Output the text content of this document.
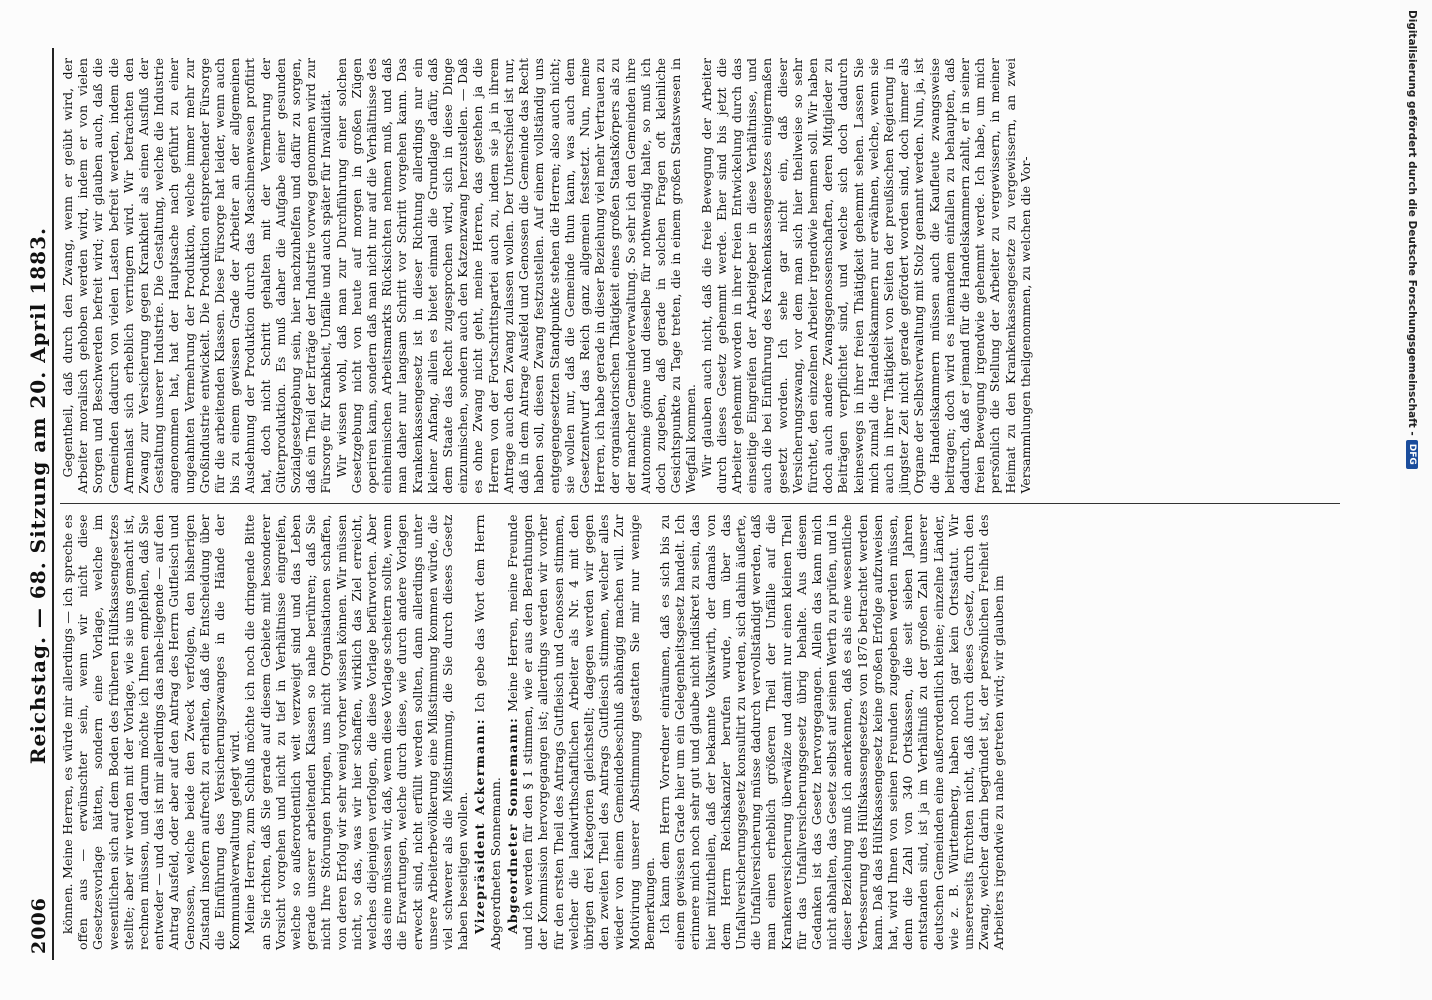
2006
Reichstag. — 68. Sitzung am 20. April 1883. können. Meine Herren, es würde mir allerdings — ich spreche es offen aus — erwünschter sein, wenn wir nicht diese Gesetzesvorlage hätten, sondern eine Vorlage, welche im wesentlichen sich auf dem Boden des früheren Hülfskassengesetzes stellte; aber wir werden mit der Vorlage, wie sie uns gemacht ist, rechnen müssen, und darum möchte ich Ihnen empfehlen, daß Sie entweder — und das ist mir allerdings das nahe-liegende — auf den Antrag Ausfeld, oder aber auf den Antrag des Herrn Gutfleisch und Genossen, welche beide den Zweck verfolgen, den bisherigen Zustand insofern aufrecht zu erhalten, daß die Entscheidung über die Einführung des Versicherungszwanges in die Hände der Kommunalverwaltung gelegt wird. Meine Herren, zum Schluß möchte ich noch die dringende Bitte an Sie richten, daß Sie gerade auf diesem Gebiete mit besonderer Vorsicht vorgehen und nicht zu tief in Verhältnisse eingreifen, welche so außerordentlich weit verzweigt sind und das Leben gerade unserer arbeitenden Klassen so nahe berühren; daß Sie nicht Ihre Störungen bringen, uns nicht Organisationen schaffen, von deren Erfolg wir sehr wenig vorher wissen können. Wir müssen nicht, so das, was wir hier schaffen, wirklich das Ziel erreicht, welches diejenigen verfolgen, die diese Vorlage befürworten. Aber das eine müssen wir, daß, wenn diese Vorlage scheitern sollte, wenn die Erwartungen, welche durch diese, wie durch andere Vorlagen erweckt sind, nicht erfüllt werden sollten, dann allerdings unter unsere Arbeiterbevölkerung eine Mißstimmung kommen würde, die viel schwerer als die Mißstimmung, die Sie durch dieses Gesetz haben beseitigen wollen. Vizepräsident Ackermann: Ich gebe das Wort dem Herrn Abgeordneten Sonnemann. Abgeordneter Sonnemann: Meine Herren, meine Freunde und ich werden für den § 1 stimmen, wie er aus den Berathungen der Kommission hervorgegangen ist; allerdings werden wir vorher für den ersten Theil des Antrags Gutfleisch und Genossen stimmen, welcher die landwirthschaftlichen Arbeiter als Nr. 4 mit den übrigen drei Kategorien gleichstellt; dagegen werden wir gegen den zweiten Theil des Antrags Gutfleisch stimmen, welcher alles wieder von einem Gemeindebeschluß abhängig machen will. Zur Motivirung unserer Abstimmung gestatten Sie mir nur wenige Bemerkungen. Ich kann dem Herrn Vorredner einräumen, daß es sich bis zu einem gewissen Grade hier um ein Gelegenheitsgesetz handelt. Ich erinnere mich noch sehr gut und glaube nicht indiskret zu sein, das hier mitzutheilen, daß der bekannte Volkswirth, der damals von dem Herrn Reichskanzler berufen wurde, um über das Unfallversicherungsgesetz konsultirt zu werden, sich dahin äußerte, die Unfallversicherung müsse dadurch vervollständigt werden, daß man einen erheblich größeren Theil der Unfälle auf die Krankenversicherung überwälze und damit nur einen kleinen Theil für das Unfallversicherungsgesetz übrig behalte. Aus diesem Gedanken ist das Gesetz hervorgegangen. Allein das kann mich nicht abhalten, das Gesetz selbst auf seinen Werth zu prüfen, und in dieser Beziehung muß ich anerkennen, daß es als eine wesentliche Verbesserung des Hülfskassengesetzes von 1876 betrachtet werden kann. Daß das Hülfskassengesetz keine großen Erfolge aufzuweisen hat, wird Ihnen von seinen Freunden zugegeben werden müssen, denn die Zahl von 340 Ortskassen, die seit sieben Jahren entstanden sind, ist ja im Verhältniß zu der großen Zahl unserer deutschen Gemeinden eine außerordentlich kleine; einzelne Länder, wie z. B. Württemberg, haben noch gar kein Ortsstatut. Wir unsererseits fürchten nicht, daß durch dieses Gesetz, durch den Zwang, welcher darin begründet ist, der persönlichen Freiheit des Arbeiters irgendwie zu nahe getreten wird; wir glauben im

Gegentheil, daß durch den Zwang, wenn er geübt wird, der Arbeiter moralisch gehoben werden wird, indem er von vielen Sorgen und Beschwerden befreit wird; wir glauben auch, daß die Gemeinden dadurch von vielen Lasten befreit werden, indem die Armenlast sich erheblich verringern wird. Wir betrachten den Zwang zur Versicherung gegen Krankheit als einen Ausfluß der Gestaltung unserer Industrie. Die Gestaltung, welche die Industrie angenommen hat, hat der Hauptsache nach geführt zu einer ungeahnten Vermehrung der Produktion, welche immer mehr zur Großindustrie entwickelt. Die Produktion entsprechender Fürsorge für die arbeitenden Klassen. Diese Fürsorge hat leider, wenn auch bis zu einem gewissen Grade der Arbeiter an der allgemeinen Ausdehnung der Produktion durch das Maschinenwesen profitirt hat, doch nicht Schritt gehalten mit der Vermehrung der Güterproduktion. Es muß daher die Aufgabe einer gesunden Sozialgesetzgebung sein, hier nachzuhelfen und dafür zu sorgen, daß ein Theil der Erträge der Industrie vorweg genommen wird zur Fürsorge für Krankheit, Unfälle und auch später für Invalidität. Wir wissen wohl, daß man zur Durchführung einer solchen Gesetzgebung nicht von heute auf morgen in großen Zügen operiren kann, sondern daß man nicht nur auf die Verhältnisse des einheimischen Arbeitsmarkts Rücksichten nehmen muß, und daß man daher nur langsam Schritt vor Schritt vorgehen kann. Das Krankenkassengesetz ist in dieser Richtung allerdings nur ein kleiner Anfang, allein es bietet einmal die Grundlage dafür, daß dem Staate das Recht zugesprochen wird, sich in diese Dinge einzumischen, sondern auch den Katzenzwang herzustellen. — Daß es ohne Zwang nicht geht, meine Herren, das gestehen ja die Herren von der Fortschrittspartei auch zu, indem sie ja in ihrem Antrage auch den Zwang zulassen wollen. Der Unterschied ist nur, daß in dem Antrage Ausfeld und Genossen die Gemeinde das Recht haben soll, diesen Zwang festzustellen. Auf einem vollständig uns entgegengesetzten Standpunkte stehen die Herren; also auch nicht; sie wollen nur, daß die Gemeinde thun kann, was auch dem Gesetzentwurf das Reich ganz allgemein festsetzt. Nun, meine Herren, ich habe gerade in dieser Beziehung viel mehr Vertrauen zu der organisatorischen Thätigkeit eines großen Staatskörpers als zu der mancher Gemeindeverwaltung. So sehr ich den Gemeinden ihre Autonomie gönne und dieselbe für nothwendig halte, so muß ich doch zugeben, daß gerade in solchen Fragen oft kleinliche Gesichtspunkte zu Tage treten, die in einem großen Staatswesen in Wegfall kommen. Wir glauben auch nicht, daß die freie Bewegung der Arbeiter durch dieses Gesetz gehemmt werde. Eher sind bis jetzt die Arbeiter gehemmt worden in ihrer freien Entwickelung durch das einseitige Eingreifen der Arbeitgeber in diese Verhältnisse, und auch die bei Einführung des Krankenkassengesetzes einigermaßen gesetzt worden. Ich sehe gar nicht ein, daß dieser Versicherungszwang, vor dem man sich hier theilweise so sehr fürchtet, den einzelnen Arbeiter irgendwie hemmen soll. Wir haben doch auch andere Zwangsgenossenschaften, deren Mitglieder zu Beiträgen verpflichtet sind, und welche sich doch dadurch keineswegs in ihrer freien Thätigkeit gehemmt sehen. Lassen Sie mich zumal die Handelskammern nur erwähnen, welche, wenn sie auch in ihrer Thätigkeit von Seiten der preußischen Regierung in jüngster Zeit nicht gerade gefördert worden sind, doch immer als Organe der Selbstverwaltung mit Stolz genannt werden. Nun, ja, ist die Handelskammern müssen auch die Kaufleute zwangsweise beitragen; doch wird es niemandem einfallen zu behaupten, daß dadurch, daß er jemand für die Handelskammern zahlt, er in seiner freien Bewegung irgendwie gehemmt werde. Ich habe, um mich persönlich die Stellung der Arbeiter zu vergewissern, in meiner Heimat zu den Krankenkassengesetze zu vergewissern, an zwei Versammlungen theilgenommen, zu welchen die Vor-	Digitalisierung gefördert durch die Deutsche Forschungsgemeinschaft -
DFG
